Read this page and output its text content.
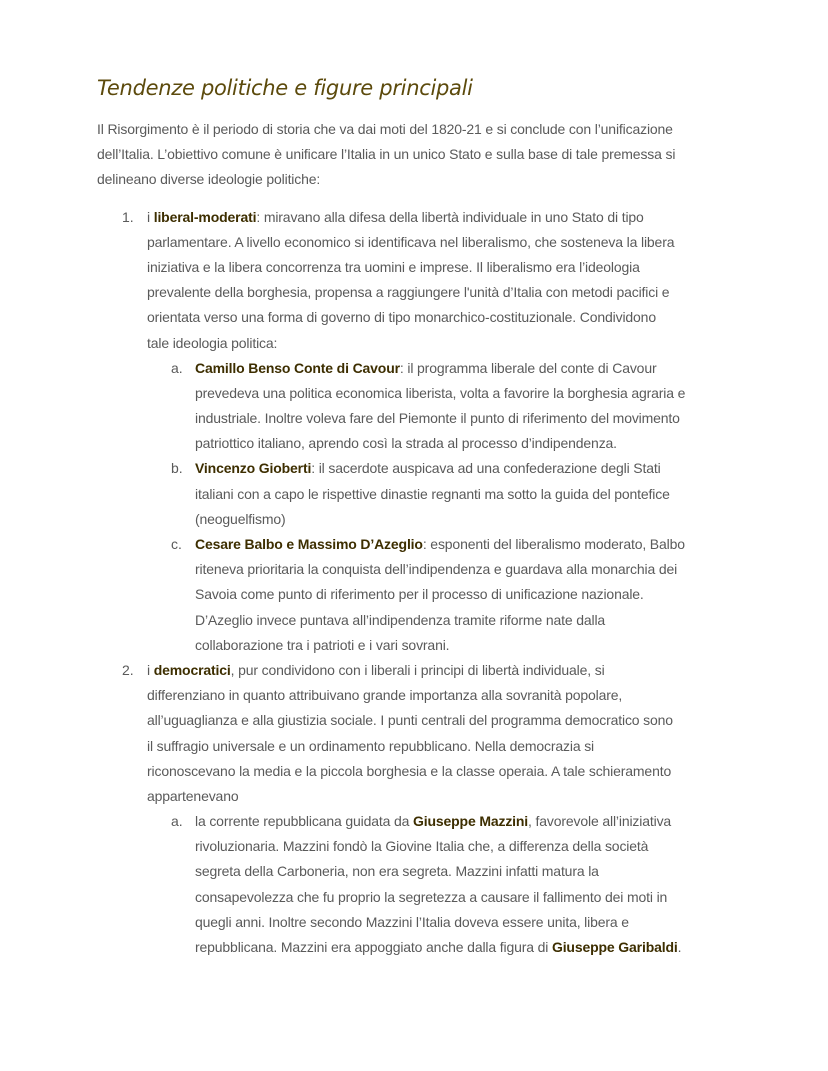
Tendenze politiche e figure principali
Il Risorgimento è il periodo di storia che va dai moti del 1820-21 e si conclude con l’unificazione
dell’Italia. L’obiettivo comune è unificare l’Italia in un unico Stato e sulla base di tale premessa si
delineano diverse ideologie politiche:
1. i liberal-moderati: miravano alla difesa della libertà individuale in uno Stato di tipo
parlamentare. A livello economico si identificava nel liberalismo, che sosteneva la libera
iniziativa e la libera concorrenza tra uomini e imprese. Il liberalismo era l’ideologia
prevalente della borghesia, propensa a raggiungere l'unità d’Italia con metodi pacifici e
orientata verso una forma di governo di tipo monarchico-costituzionale. Condividono
tale ideologia politica:
a. Camillo Benso Conte di Cavour: il programma liberale del conte di Cavour
prevedeva una politica economica liberista, volta a favorire la borghesia agraria e
industriale. Inoltre voleva fare del Piemonte il punto di riferimento del movimento
patriottico italiano, aprendo così la strada al processo d’indipendenza.
b. Vincenzo Gioberti: il sacerdote auspicava ad una confederazione degli Stati
italiani con a capo le rispettive dinastie regnanti ma sotto la guida del pontefice
(neoguelfismo)
c. Cesare Balbo e Massimo D’Azeglio: esponenti del liberalismo moderato, Balbo
riteneva prioritaria la conquista dell’indipendenza e guardava alla monarchia dei
Savoia come punto di riferimento per il processo di unificazione nazionale.
D’Azeglio invece puntava all’indipendenza tramite riforme nate dalla
collaborazione tra i patrioti e i vari sovrani.
2. i democratici, pur condividono con i liberali i principi di libertà individuale, si
differenziano in quanto attribuivano grande importanza alla sovranità popolare,
all’uguaglianza e alla giustizia sociale. I punti centrali del programma democratico sono
il suffragio universale e un ordinamento repubblicano. Nella democrazia si
riconoscevano la media e la piccola borghesia e la classe operaia. A tale schieramento
appartenevano
a. la corrente repubblicana guidata da Giuseppe Mazzini, favorevole all’iniziativa
rivoluzionaria. Mazzini fondò la Giovine Italia che, a differenza della società
segreta della Carboneria, non era segreta. Mazzini infatti matura la
consapevolezza che fu proprio la segretezza a causare il fallimento dei moti in
quegli anni. Inoltre secondo Mazzini l’Italia doveva essere unita, libera e
repubblicana. Mazzini era appoggiato anche dalla figura di Giuseppe Garibaldi.
